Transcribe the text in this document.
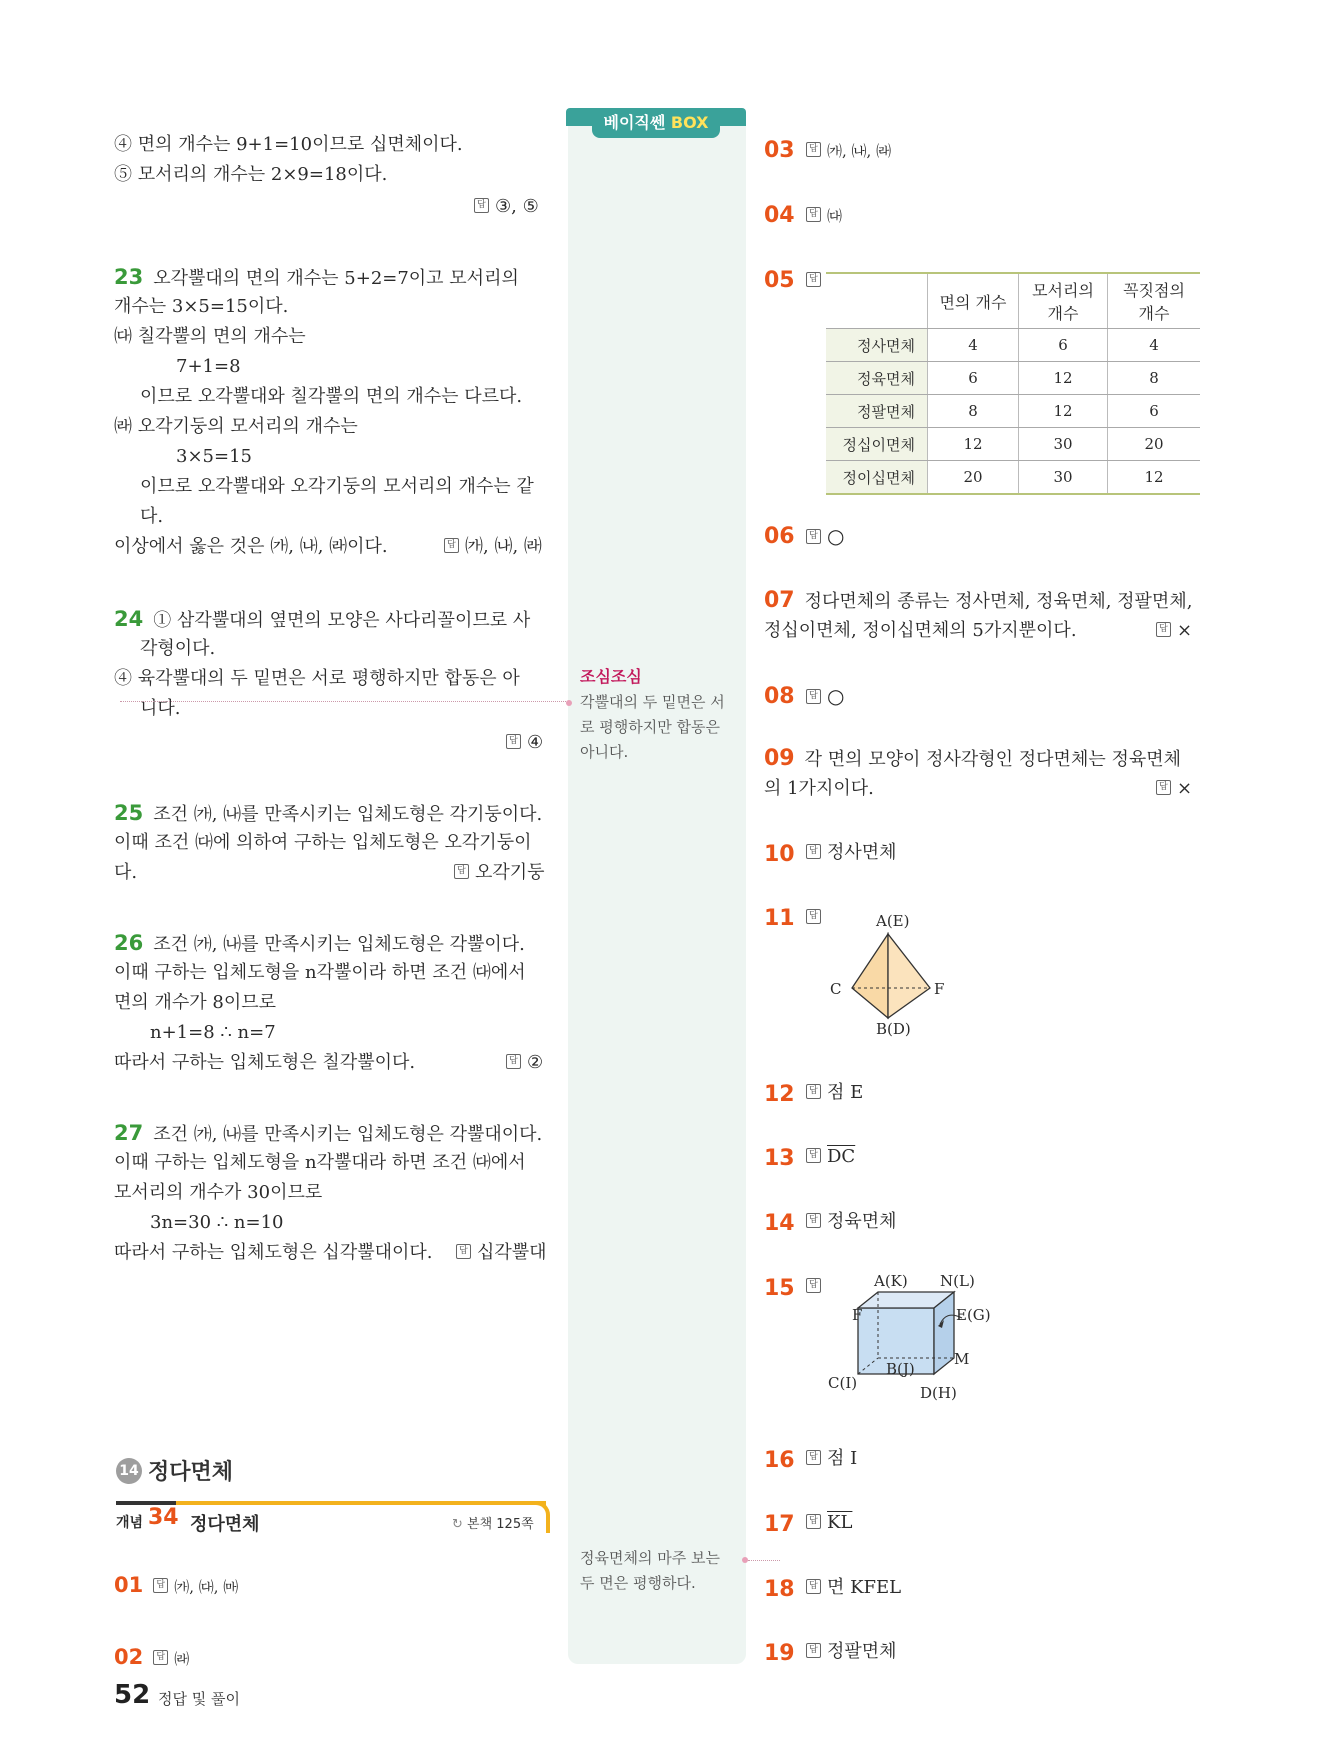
④ 면의 개수는 9+1=10이므로 십면체이다.
⑤ 모서리의 개수는 2×9=18이다.
답 ③, ⑤
23 오각뿔대의 면의 개수는 5+2=7이고 모서리의
개수는 3×5=15이다.
㈐ 칠각뿔의 면의 개수는
7+1=8
이므로 오각뿔대와 칠각뿔의 면의 개수는 다르다.
㈑ 오각기둥의 모서리의 개수는
3×5=15
이므로 오각뿔대와 오각기둥의 모서리의 개수는 같
다.
이상에서 옳은 것은 ㈎, ㈏, ㈑이다.	답 ㈎, ㈏, ㈑
24 ① 삼각뿔대의 옆면의 모양은 사다리꼴이므로 사
각형이다.
④ 육각뿔대의 두 밑면은 서로 평행하지만 합동은 아
니다.
답 ④
25 조건 ㈎, ㈏를 만족시키는 입체도형은 각기둥이다.
이때 조건 ㈐에 의하여 구하는 입체도형은 오각기둥이
다.	답 오각기둥
26 조건 ㈎, ㈏를 만족시키는 입체도형은 각뿔이다.
이때 구하는 입체도형을 n각뿔이라 하면 조건 ㈐에서
면의 개수가 8이므로
n+1=8 ∴ n=7
따라서 구하는 입체도형은 칠각뿔이다.	답 ②
27 조건 ㈎, ㈏를 만족시키는 입체도형은 각뿔대이다.
이때 구하는 입체도형을 n각뿔대라 하면 조건 ㈐에서
모서리의 개수가 30이므로
3n=30 ∴ n=10
따라서 구하는 입체도형은 십각뿔대이다.	답 십각뿔대
14 정다면체
개념 34 정다면체	↻ 본책 125쪽
01 답 ㈎, ㈐, ㈒
02 답 ㈑
베이직쎈 BOX
조심조심
각뿔대의 두 밑면은 서
로 평행하지만 합동은
아니다.
정육면체의 마주 보는
두 면은 평행하다.
03	답 ㈎, ㈏, ㈑
04	답 ㈐
05	답
	면의 개수	모서리의 개수	꼭짓점의 개수
정사면체	4	6	4
정육면체	6	12	8
정팔면체	8	12	6
정십이면체	12	30	20
정이십면체	20	30	12
06	답 ○
07 정다면체의 종류는 정사면체, 정육면체, 정팔면체,
정십이면체, 정이십면체의 5가지뿐이다.	답 ×
08	답 ○
09 각 면의 모양이 정사각형인 정다면체는 정육면체
의 1가지이다.	답 ×
10	답 정사면체
11	답	A(E)
C	F
B(D)
12	답 점 E
13	답 $\overline{DC}$
14	답 정육면체
15	답	A(K) N(L)
F	E(G)
M
B(J)
C(I)
D(H)
16	답 점 I
17	답 $\overline{KL}$
18	답 면 KFEL
19	답 정팔면체
52 정답 및 풀이
